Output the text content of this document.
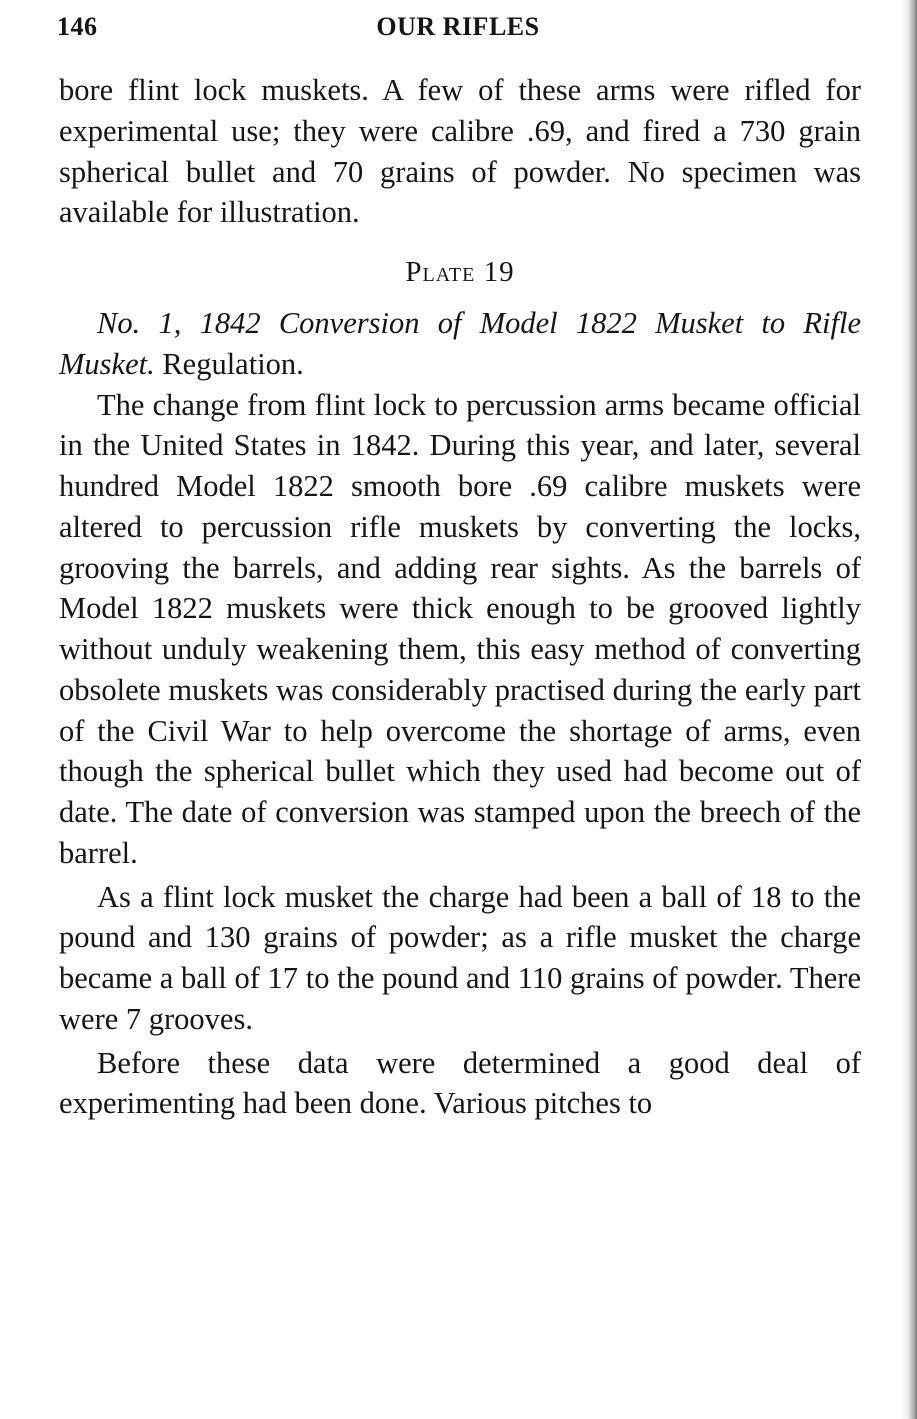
146	OUR RIFLES

bore flint lock muskets. A few of these arms were rifled for experimental use; they were calibre .69, and fired a 730 grain spherical bullet and 70 grains of powder. No specimen was available for illustration.

Plate 19

No. 1, 1842 Conversion of Model 1822 Musket to Rifle Musket. Regulation.

The change from flint lock to percussion arms became official in the United States in 1842. During this year, and later, several hundred Model 1822 smooth bore .69 calibre muskets were altered to percussion rifle muskets by converting the locks, grooving the barrels, and adding rear sights. As the barrels of Model 1822 muskets were thick enough to be grooved lightly without unduly weakening them, this easy method of converting obsolete muskets was considerably practised during the early part of the Civil War to help overcome the shortage of arms, even though the spherical bullet which they used had become out of date. The date of conversion was stamped upon the breech of the barrel.

As a flint lock musket the charge had been a ball of 18 to the pound and 130 grains of powder; as a rifle musket the charge became a ball of 17 to the pound and 110 grains of powder. There were 7 grooves.

Before these data were determined a good deal of experimenting had been done. Various pitches to
